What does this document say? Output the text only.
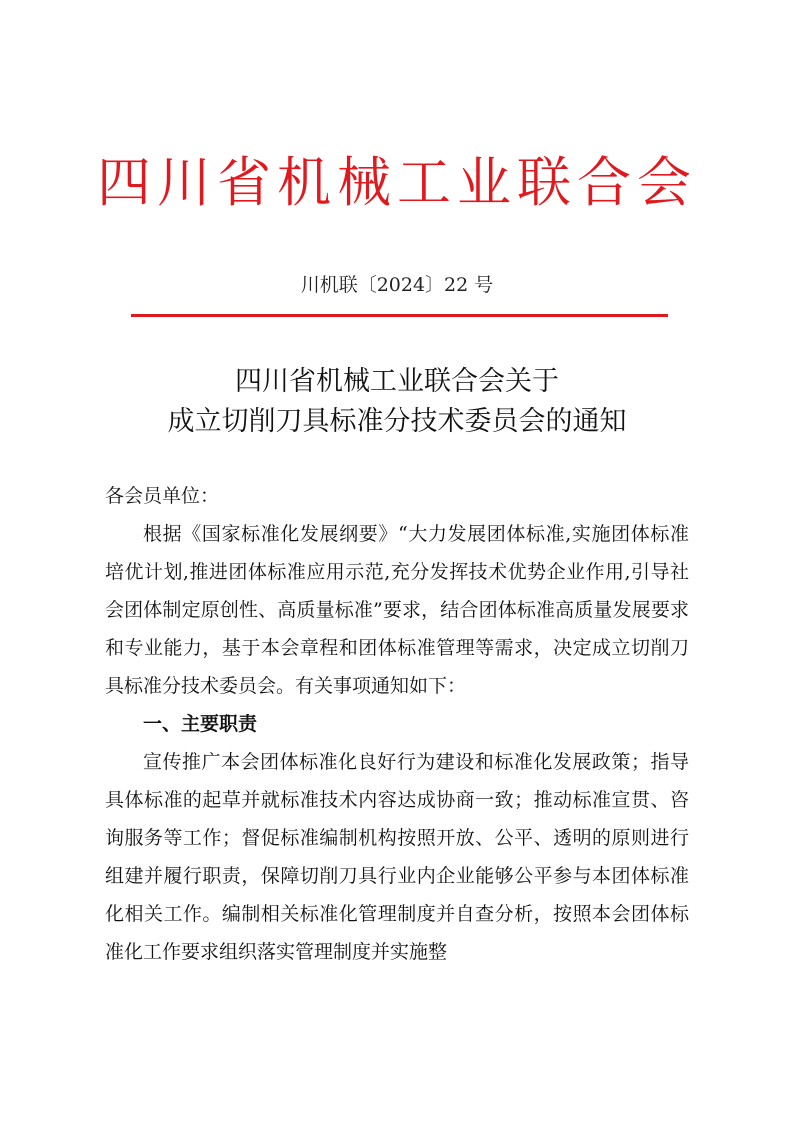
四川省机械工业联合会
川机联〔2024〕22 号
四川省机械工业联合会关于
成立切削刀具标准分技术委员会的通知

各会员单位：

根据《国家标准化发展纲要》“大力发展团体标准,实施团体标准培优计划,推进团体标准应用示范,充分发挥技术优势企业作用,引导社会团体制定原创性、高质量标准”要求，结合团体标准高质量发展要求和专业能力，基于本会章程和团体标准管理等需求，决定成立切削刀具标准分技术委员会。有关事项通知如下：

一、主要职责

宣传推广本会团体标准化良好行为建设和标准化发展政策；指导具体标准的起草并就标准技术内容达成协商一致；推动标准宣贯、咨询服务等工作；督促标准编制机构按照开放、公平、透明的原则进行组建并履行职责，保障切削刀具行业内企业能够公平参与本团体标准化相关工作。编制相关标准化管理制度并自查分析，按照本会团体标准化工作要求组织落实管理制度并实施整
